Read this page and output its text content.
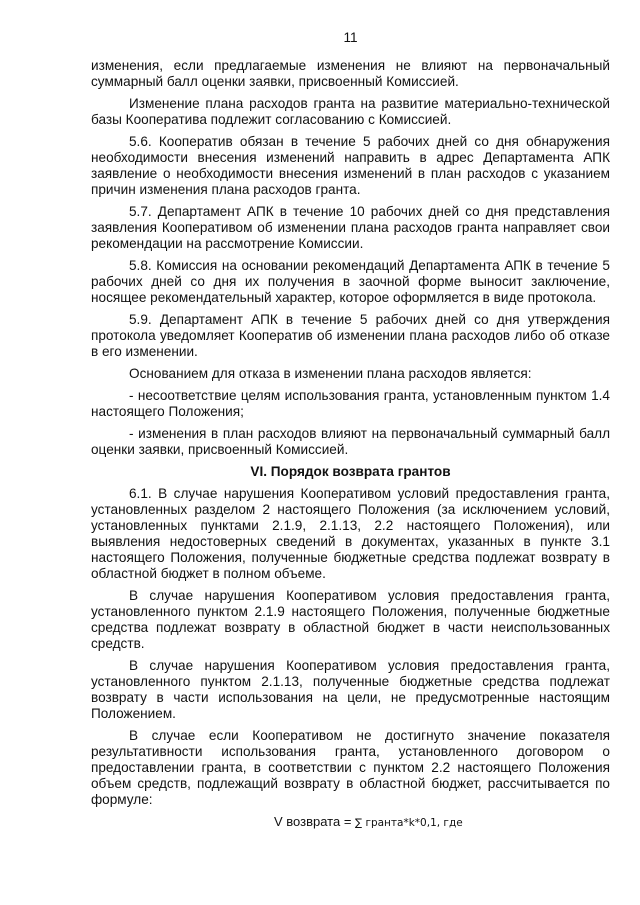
11
изменения, если предлагаемые изменения не влияют на первоначальный суммарный балл оценки заявки, присвоенный Комиссией.
Изменение плана расходов гранта на развитие материально-технической базы Кооператива подлежит согласованию с Комиссией.
5.6. Кооператив обязан в течение 5 рабочих дней со дня обнаружения необходимости внесения изменений направить в адрес Департамента АПК заявление о необходимости внесения изменений в план расходов с указанием причин изменения плана расходов гранта.
5.7. Департамент АПК в течение 10 рабочих дней со дня представления заявления Кооперативом об изменении плана расходов гранта направляет свои рекомендации на рассмотрение Комиссии.
5.8. Комиссия на основании рекомендаций Департамента АПК в течение 5 рабочих дней со дня их получения в заочной форме выносит заключение, носящее рекомендательный характер, которое оформляется в виде протокола.
5.9. Департамент АПК в течение 5 рабочих дней со дня утверждения протокола уведомляет Кооператив об изменении плана расходов либо об отказе в его изменении.
Основанием для отказа в изменении плана расходов является:
- несоответствие целям использования гранта, установленным пунктом 1.4 настоящего Положения;
- изменения в план расходов влияют на первоначальный суммарный балл оценки заявки, присвоенный Комиссией.
VI. Порядок возврата грантов
6.1. В случае нарушения Кооперативом условий предоставления гранта, установленных разделом 2 настоящего Положения (за исключением условий, установленных пунктами 2.1.9, 2.1.13, 2.2 настоящего Положения), или выявления недостоверных сведений в документах, указанных в пункте 3.1 настоящего Положения, полученные бюджетные средства подлежат возврату в областной бюджет в полном объеме.
В случае нарушения Кооперативом условия предоставления гранта, установленного пунктом 2.1.9 настоящего Положения, полученные бюджетные средства подлежат возврату в областной бюджет в части неиспользованных средств.
В случае нарушения Кооперативом условия предоставления гранта, установленного пунктом 2.1.13, полученные бюджетные средства подлежат возврату в части использования на цели, не предусмотренные настоящим Положением.
В случае если Кооперативом не достигнуто значение показателя результативности использования гранта, установленного договором о предоставлении гранта, в соответствии с пунктом 2.2 настоящего Положения объем средств, подлежащий возврату в областной бюджет, рассчитывается по формуле:
V возврата = ∑ гранта*k*0,1, где
